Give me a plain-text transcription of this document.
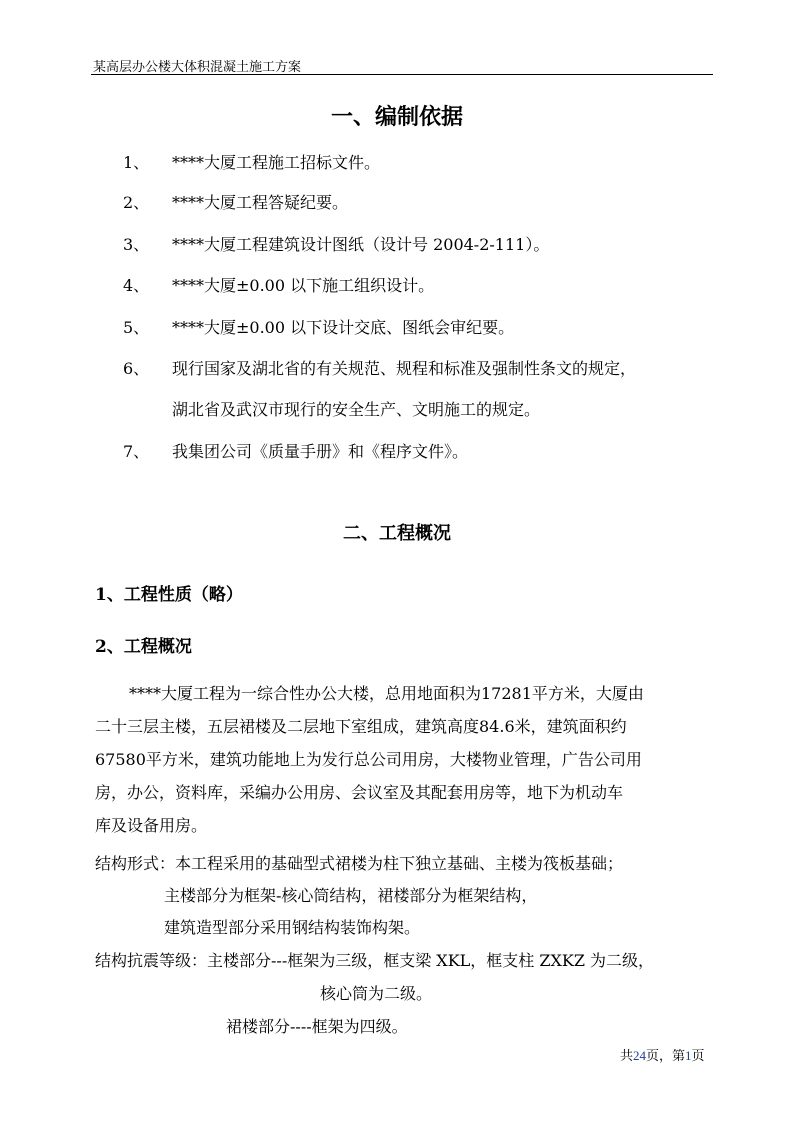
某高层办公楼大体积混凝土施工方案
一、编制依据
1、 ****大厦工程施工招标文件。
2、 ****大厦工程答疑纪要。
3、 ****大厦工程建筑设计图纸（设计号 2004-2-111）。
4、 ****大厦±0.00 以下施工组织设计。
5、 ****大厦±0.00 以下设计交底、图纸会审纪要。
6、 现行国家及湖北省的有关规范、规程和标准及强制性条文的规定，
湖北省及武汉市现行的安全生产、文明施工的规定。
7、 我集团公司《质量手册》和《程序文件》。
二、工程概况
1、工程性质（略）
2、工程概况
****大厦工程为一综合性办公大楼，总用地面积为17281平方米，大厦由
二十三层主楼，五层裙楼及二层地下室组成，建筑高度84.6米，建筑面积约
67580平方米，建筑功能地上为发行总公司用房，大楼物业管理，广告公司用
房，办公，资料库，采编办公用房、会议室及其配套用房等，地下为机动车
库及设备用房。
结构形式：本工程采用的基础型式裙楼为柱下独立基础、主楼为筏板基础；
主楼部分为框架-核心筒结构，裙楼部分为框架结构，
建筑造型部分采用钢结构装饰构架。
结构抗震等级：主楼部分---框架为三级，框支梁 XKL，框支柱 ZXKZ 为二级，
核心筒为二级。
裙楼部分----框架为四级。
共24页，第1页
